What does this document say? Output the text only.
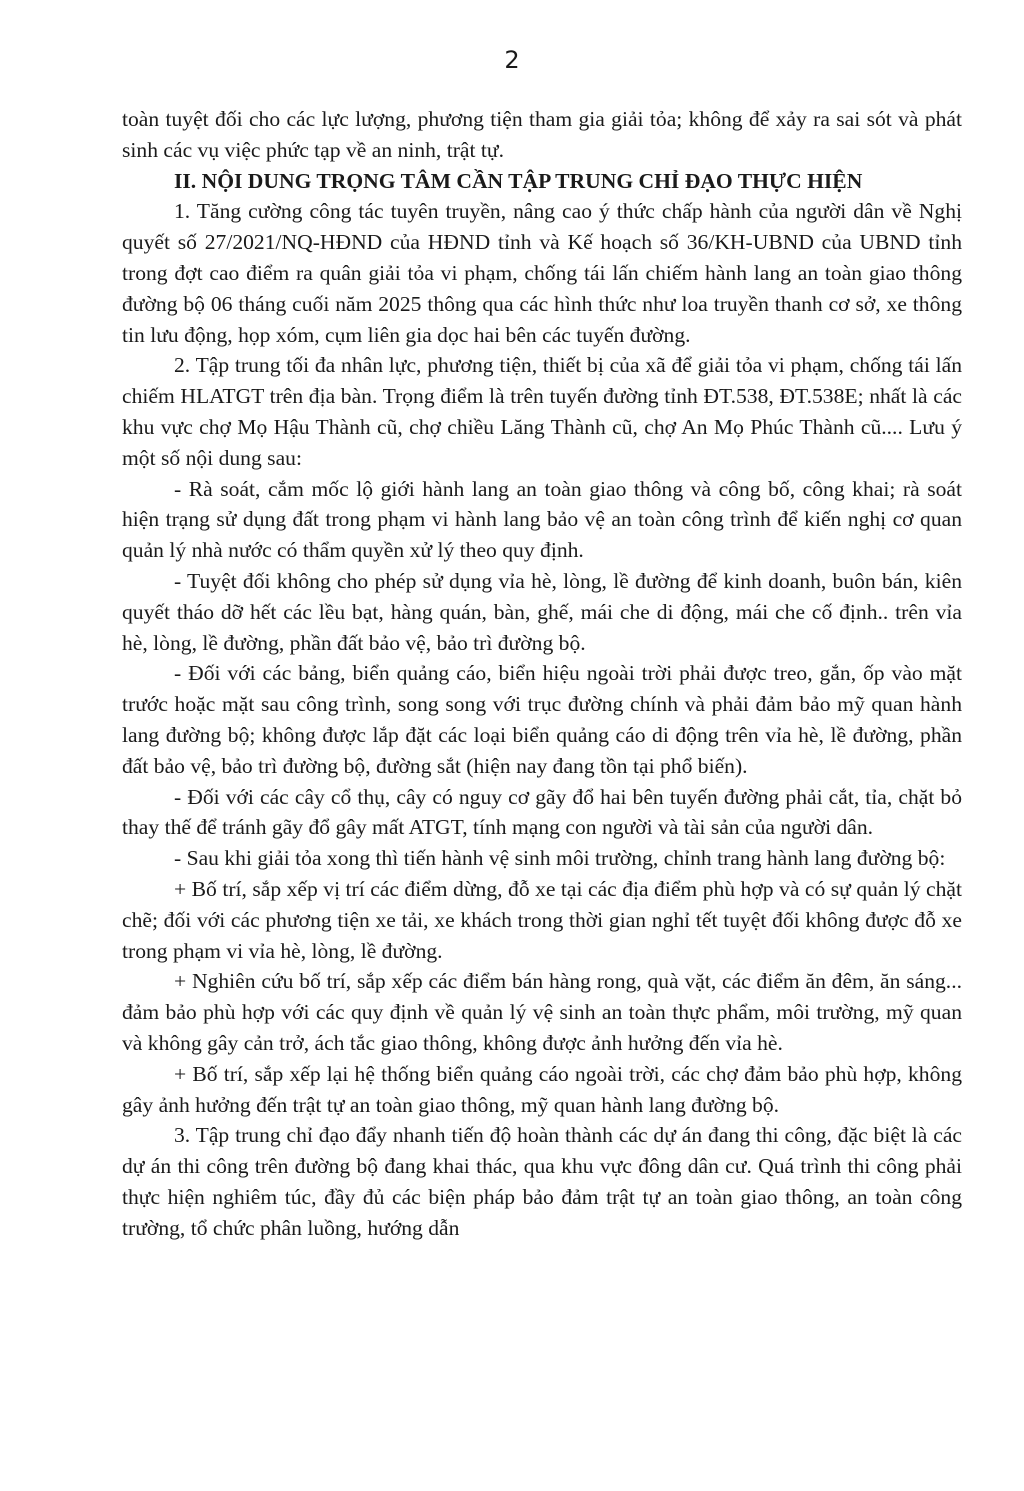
2

toàn tuyệt đối cho các lực lượng, phương tiện tham gia giải tỏa; không để xảy ra sai sót và phát sinh các vụ việc phức tạp về an ninh, trật tự.

II. NỘI DUNG TRỌNG TÂM CẦN TẬP TRUNG CHỈ ĐẠO THỰC HIỆN

1. Tăng cường công tác tuyên truyền, nâng cao ý thức chấp hành của người dân về Nghị quyết số 27/2021/NQ-HĐND của HĐND tỉnh và Kế hoạch số 36/KH-UBND của UBND tỉnh trong đợt cao điểm ra quân giải tỏa vi phạm, chống tái lấn chiếm hành lang an toàn giao thông đường bộ 06 tháng cuối năm 2025 thông qua các hình thức như loa truyền thanh cơ sở, xe thông tin lưu động, họp xóm, cụm liên gia dọc hai bên các tuyến đường.

2. Tập trung tối đa nhân lực, phương tiện, thiết bị của xã để giải tỏa vi phạm, chống tái lấn chiếm HLATGT trên địa bàn. Trọng điểm là trên tuyến đường tỉnh ĐT.538, ĐT.538E; nhất là các khu vực chợ Mọ Hậu Thành cũ, chợ chiều Lăng Thành cũ, chợ An Mọ Phúc Thành cũ.... Lưu ý một số nội dung sau:

- Rà soát, cắm mốc lộ giới hành lang an toàn giao thông và công bố, công khai; rà soát hiện trạng sử dụng đất trong phạm vi hành lang bảo vệ an toàn công trình để kiến nghị cơ quan quản lý nhà nước có thẩm quyền xử lý theo quy định.

- Tuyệt đối không cho phép sử dụng vỉa hè, lòng, lề đường để kinh doanh, buôn bán, kiên quyết tháo dỡ hết các lều bạt, hàng quán, bàn, ghế, mái che di động, mái che cố định.. trên vỉa hè, lòng, lề đường, phần đất bảo vệ, bảo trì đường bộ.

- Đối với các bảng, biển quảng cáo, biển hiệu ngoài trời phải được treo, gắn, ốp vào mặt trước hoặc mặt sau công trình, song song với trục đường chính và phải đảm bảo mỹ quan hành lang đường bộ; không được lắp đặt các loại biển quảng cáo di động trên vỉa hè, lề đường, phần đất bảo vệ, bảo trì đường bộ, đường sắt (hiện nay đang tồn tại phổ biến).

- Đối với các cây cổ thụ, cây có nguy cơ gãy đổ hai bên tuyến đường phải cắt, tỉa, chặt bỏ thay thế để tránh gãy đổ gây mất ATGT, tính mạng con người và tài sản của người dân.

- Sau khi giải tỏa xong thì tiến hành vệ sinh môi trường, chỉnh trang hành lang đường bộ:

+ Bố trí, sắp xếp vị trí các điểm dừng, đỗ xe tại các địa điểm phù hợp và có sự quản lý chặt chẽ; đối với các phương tiện xe tải, xe khách trong thời gian nghỉ tết tuyệt đối không được đỗ xe trong phạm vi vỉa hè, lòng, lề đường.

+ Nghiên cứu bố trí, sắp xếp các điểm bán hàng rong, quà vặt, các điểm ăn đêm, ăn sáng... đảm bảo phù hợp với các quy định về quản lý vệ sinh an toàn thực phẩm, môi trường, mỹ quan và không gây cản trở, ách tắc giao thông, không được ảnh hưởng đến vỉa hè.

+ Bố trí, sắp xếp lại hệ thống biển quảng cáo ngoài trời, các chợ đảm bảo phù hợp, không gây ảnh hưởng đến trật tự an toàn giao thông, mỹ quan hành lang đường bộ.

3. Tập trung chỉ đạo đẩy nhanh tiến độ hoàn thành các dự án đang thi công, đặc biệt là các dự án thi công trên đường bộ đang khai thác, qua khu vực đông dân cư. Quá trình thi công phải thực hiện nghiêm túc, đầy đủ các biện pháp bảo đảm trật tự an toàn giao thông, an toàn công trường, tổ chức phân luồng, hướng dẫn
